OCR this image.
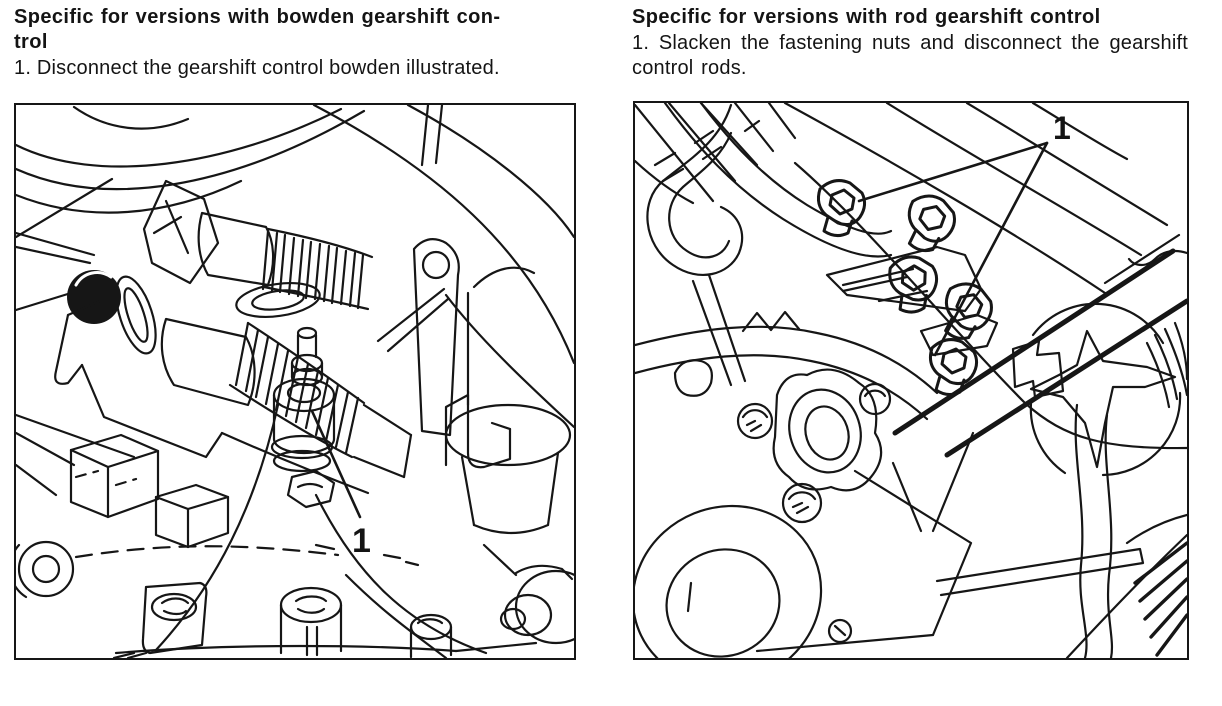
Specific for versions with bowden gearshift con-
trol

1. Disconnect the gearshift control bowden illustrated.

1
Specific for versions with rod gearshift control

1. Slacken the fastening nuts and disconnect the gearshift control rods.

1
